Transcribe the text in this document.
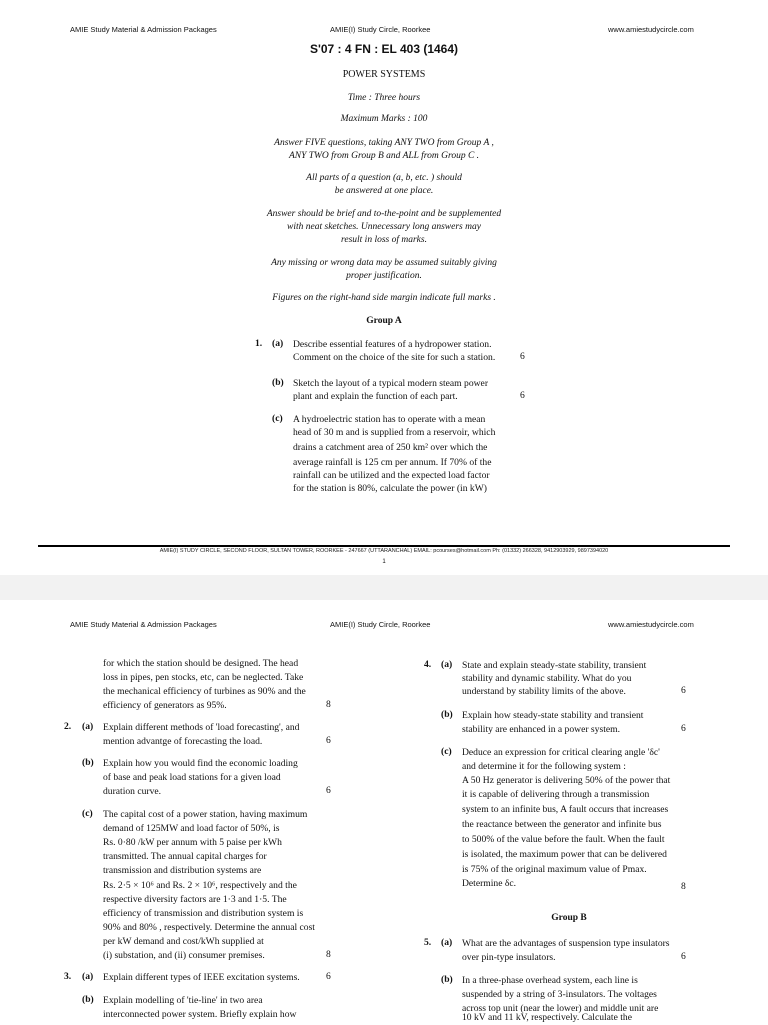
AMIE Study Material & Admission Packages	AMIE(I) Study Circle, Roorkee	www.amiestudycircle.com
S'07 : 4 FN : EL 403 (1464)
POWER SYSTEMS
Time : Three hours
Maximum Marks : 100
Answer FIVE questions, taking ANY TWO from Group A ,
ANY TWO from Group B and ALL from Group C .
All parts of a question (a, b, etc. ) should
be answered at one place.
Answer should be brief and to-the-point and be supplemented
with neat sketches. Unnecessary long answers may
result in loss of marks.
Any missing or wrong data may be assumed suitably giving
proper justification.
Figures on the right-hand side margin indicate full marks .
Group A
1. (a) Describe essential features of a hydropower station.
Comment on the choice of the site for such a station.	6
(b) Sketch the layout of a typical modern steam power
plant and explain the function of each part.	6
(c) A hydroelectric station has to operate with a mean
head of 30 m and is supplied from a reservoir, which
drains a catchment area of 250 km² over which the
average rainfall is 125 cm per annum. If 70% of the
rainfall can be utilized and the expected load factor
for the station is 80%, calculate the power (in kW)
AMIE(I) STUDY CIRCLE, SECOND FLOOR, SULTAN TOWER, ROORKEE - 247667 (UTTARANCHAL) EMAIL: pcourses@hotmail.com Ph: (01332) 266328, 9412903929, 9897394020
1
AMIE Study Material & Admission Packages	AMIE(I) Study Circle, Roorkee	www.amiestudycircle.com
for which the station should be designed. The head
loss in pipes, pen stocks, etc, can be neglected. Take
the mechanical efficiency of turbines as 90% and the
efficiency of generators as 95%.	8
2. (a) Explain different methods of 'load forecasting', and
mention advantge of forecasting the load.	6
(b) Explain how you would find the economic loading
of base and peak load stations for a given load
duration curve.	6
(c) The capital cost of a power station, having maximum
demand of 125MW and load factor of 50%, is
Rs. 0·80 /kW per annum with 5 paise per kWh
transmitted. The annual capital charges for
transmission and distribution systems are
Rs. 2·5 × 10⁶ and Rs. 2 × 10⁶, respectively and the
respective diversity factors are 1·3 and 1·5. The
efficiency of transmission and distribution system is
90% and 80% , respectively. Determine the annual cost
per kW demand and cost/kWh supplied at
(i) substation, and (ii) consumer premises.	8
3. (a) Explain different types of IEEE excitation systems.	6
(b) Explain modelling of 'tie-line' in two area
interconnected power system. Briefly explain how
4. (a) State and explain steady-state stability, transient
stability and dynamic stability. What do you
understand by stability limits of the above.	6
(b) Explain how steady-state stability and transient
stability are enhanced in a power system.	6
(c) Deduce an expression for critical clearing angle 'δc'
and determine it for the following system :
A 50 Hz generator is delivering 50% of the power that
it is capable of delivering through a transmission
system to an infinite bus, A fault occurs that increases
the reactance between the generator and infinite bus
to 500% of the value before the fault. When the fault
is isolated, the maximum power that can be delivered
is 75% of the original maximum value of Pmax.
Determine δc.	8
Group B
5. (a) What are the advantages of suspension type insulators
over pin-type insulators.	6
(b) In a three-phase overhead system, each line is
suspended by a string of 3-insulators. The voltages
across top unit (near the lower) and middle unit are
10 kV and 11 kV, respectively. Calculate the
